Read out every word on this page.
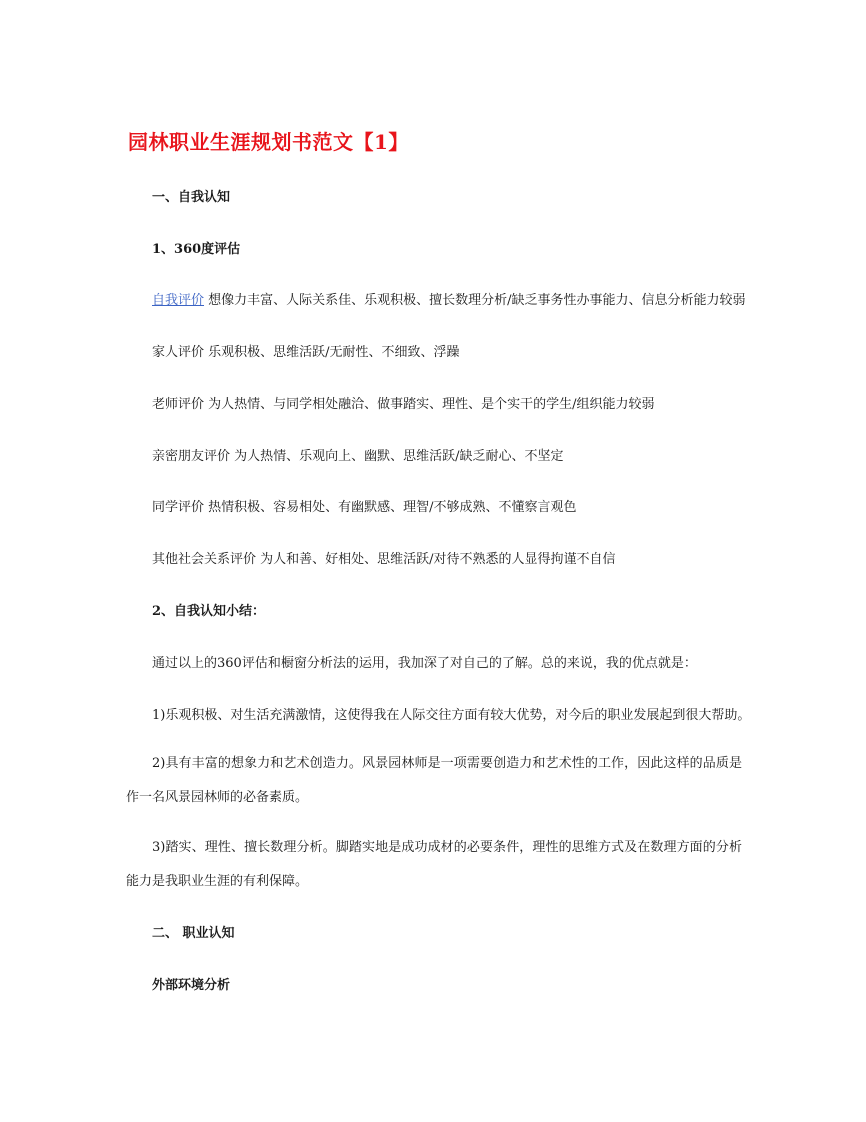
园林职业生涯规划书范文【1】
一、自我认知
1、360度评估
自我评价 想像力丰富、人际关系佳、乐观积极、擅长数理分析/缺乏事务性办事能力、信息分析能力较弱
家人评价 乐观积极、思维活跃/无耐性、不细致、浮躁
老师评价 为人热情、与同学相处融洽、做事踏实、理性、是个实干的学生/组织能力较弱
亲密朋友评价 为人热情、乐观向上、幽默、思维活跃/缺乏耐心、不坚定
同学评价 热情积极、容易相处、有幽默感、理智/不够成熟、不懂察言观色
其他社会关系评价 为人和善、好相处、思维活跃/对待不熟悉的人显得拘谨不自信
2、自我认知小结：
通过以上的360评估和橱窗分析法的运用，我加深了对自己的了解。总的来说，我的优点就是：
1)乐观积极、对生活充满激情，这使得我在人际交往方面有较大优势，对今后的职业发展起到很大帮助。
2)具有丰富的想象力和艺术创造力。风景园林师是一项需要创造力和艺术性的工作，因此这样的品质是作一名风景园林师的必备素质。
3)踏实、理性、擅长数理分析。脚踏实地是成功成材的必要条件，理性的思维方式及在数理方面的分析能力是我职业生涯的有利保障。
二、 职业认知
外部环境分析
